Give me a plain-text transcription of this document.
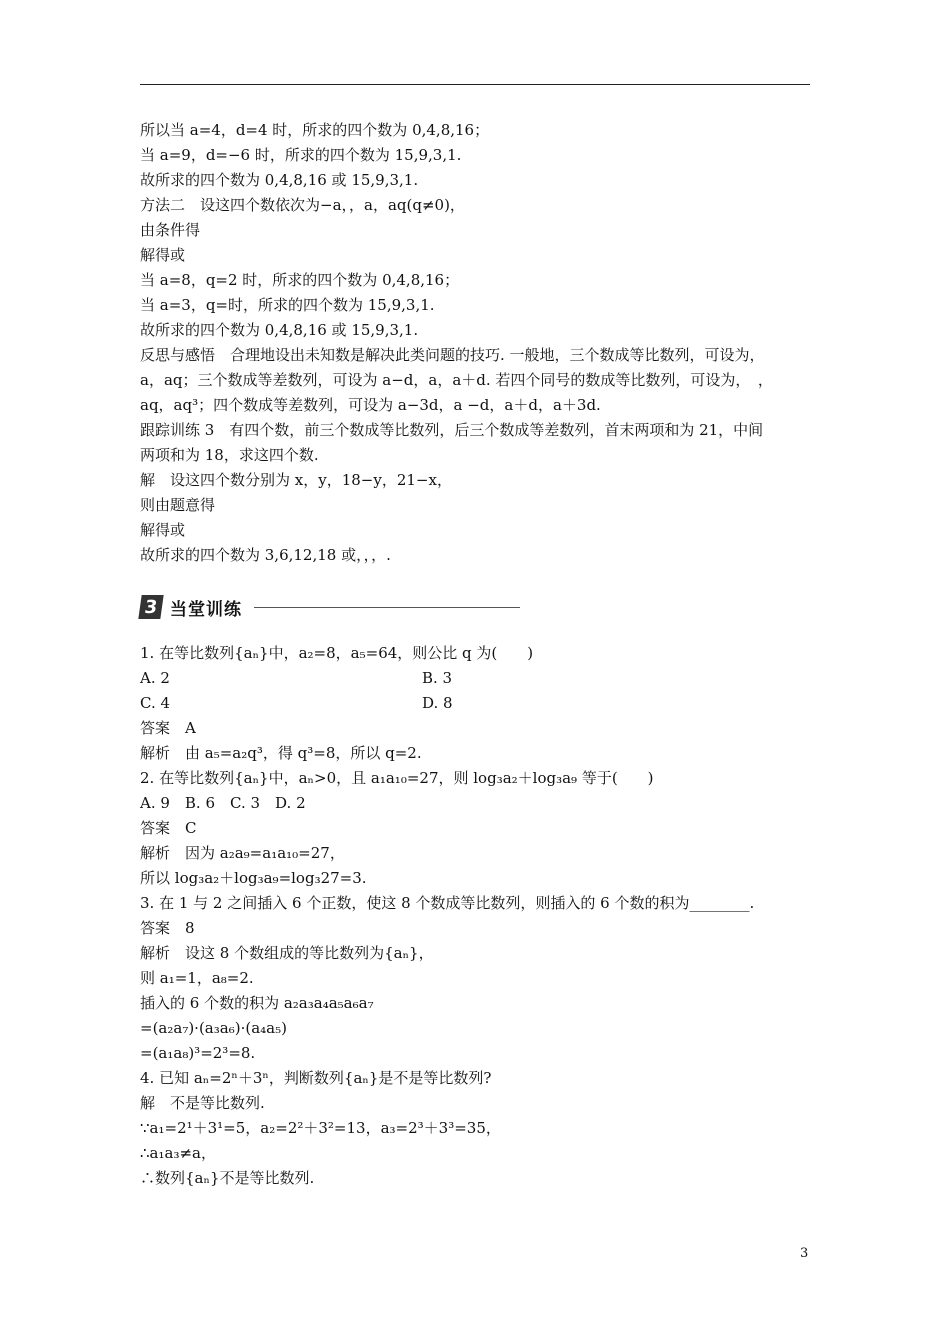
所以当 a=4，d=4 时，所求的四个数为 0,4,8,16；

当 a=9，d=−6 时，所求的四个数为 15,9,3,1.

故所求的四个数为 0,4,8,16 或 15,9,3,1.

方法二　设这四个数依次为−a，，a，aq(q≠0)，

由条件得

解得或

当 a=8，q=2 时，所求的四个数为 0,4,8,16；

当 a=3，q=时，所求的四个数为 15,9,3,1.

故所求的四个数为 0,4,8,16 或 15,9,3,1.

反思与感悟　合理地设出未知数是解决此类问题的技巧. 一般地，三个数成等比数列，可设为，

a，aq；三个数成等差数列，可设为 a−d，a，a＋d. 若四个同号的数成等比数列，可设为，　，

aq，aq³；四个数成等差数列，可设为 a−3d，a −d，a＋d，a＋3d.

跟踪训练 3　有四个数，前三个数成等比数列，后三个数成等差数列，首末两项和为 21，中间

两项和为 18，求这四个数.

解　设这四个数分别为 x，y，18−y，21−x，

则由题意得

解得或

故所求的四个数为 3,6,12,18 或，，，.

3 当堂训练

1. 在等比数列{aₙ}中，a₂=8，a₅=64，则公比 q 为(　　)

A. 2	B. 3
C. 4	D. 8

答案　A

解析　由 a₅=a₂q³，得 q³=8，所以 q=2.

2. 在等比数列{aₙ}中，aₙ>0，且 a₁a₁₀=27，则 log₃a₂＋log₃a₉ 等于(　　)

A. 9　B. 6　C. 3　D. 2

答案　C

解析　因为 a₂a₉=a₁a₁₀=27，

所以 log₃a₂＋log₃a₉=log₃27=3.

3. 在 1 与 2 之间插入 6 个正数，使这 8 个数成等比数列，则插入的 6 个数的积为________.

答案　8

解析　设这 8 个数组成的等比数列为{aₙ}，

则 a₁=1，a₈=2.

插入的 6 个数的积为 a₂a₃a₄a₅a₆a₇

=(a₂a₇)·(a₃a₆)·(a₄a₅)

=(a₁a₈)³=2³=8.

4. 已知 aₙ=2ⁿ＋3ⁿ，判断数列{aₙ}是不是等比数列?

解　不是等比数列.

∵a₁=2¹＋3¹=5，a₂=2²＋3²=13，a₃=2³＋3³=35，

∴a₁a₃≠a，

∴数列{aₙ}不是等比数列.

3
